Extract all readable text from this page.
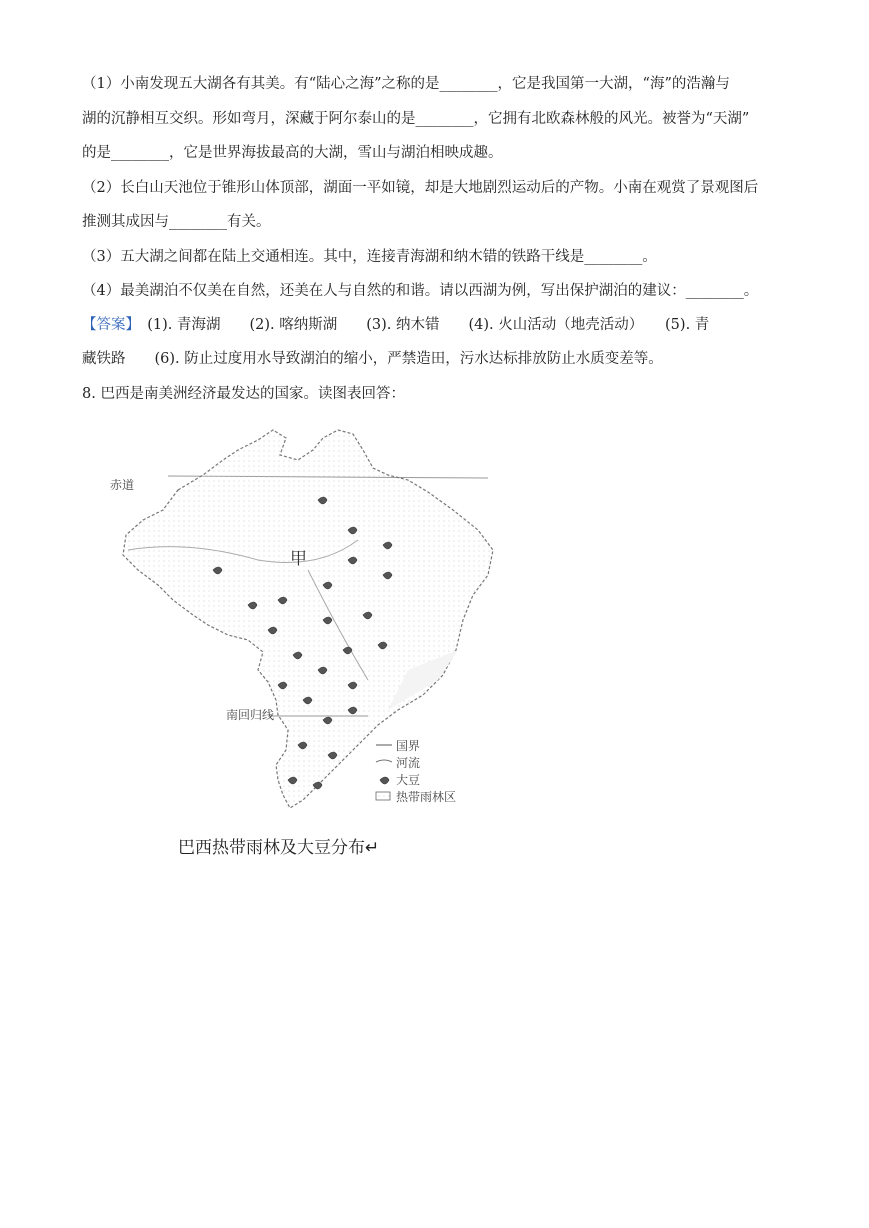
（1）小南发现五大湖各有其美。有“陆心之海”之称的是________，它是我国第一大湖，“海”的浩瀚与
湖的沉静相互交织。形如弯月，深藏于阿尔泰山的是________，它拥有北欧森林般的风光。被誉为“天湖”
的是________，它是世界海拔最高的大湖，雪山与湖泊相映成趣。
（2）长白山天池位于锥形山体顶部，湖面一平如镜，却是大地剧烈运动后的产物。小南在观赏了景观图后
推测其成因与________有关。
（3）五大湖之间都在陆上交通相连。其中，连接青海湖和纳木错的铁路干线是________。
（4）最美湖泊不仅美在自然，还美在人与自然的和谐。请以西湖为例，写出保护湖泊的建议：________。
【答案】　(1). 青海湖　　(2). 喀纳斯湖　　(3). 纳木错　　(4). 火山活动（地壳活动）　　(5). 青
藏铁路　　(6). 防止过度用水导致湖泊的缩小，严禁造田，污水达标排放防止水质变差等。
8. 巴西是南美洲经济最发达的国家。读图表回答：
赤道
南回归线
甲
国界
河流
大豆
热带雨林区
巴西热带雨林及大豆分布↵
